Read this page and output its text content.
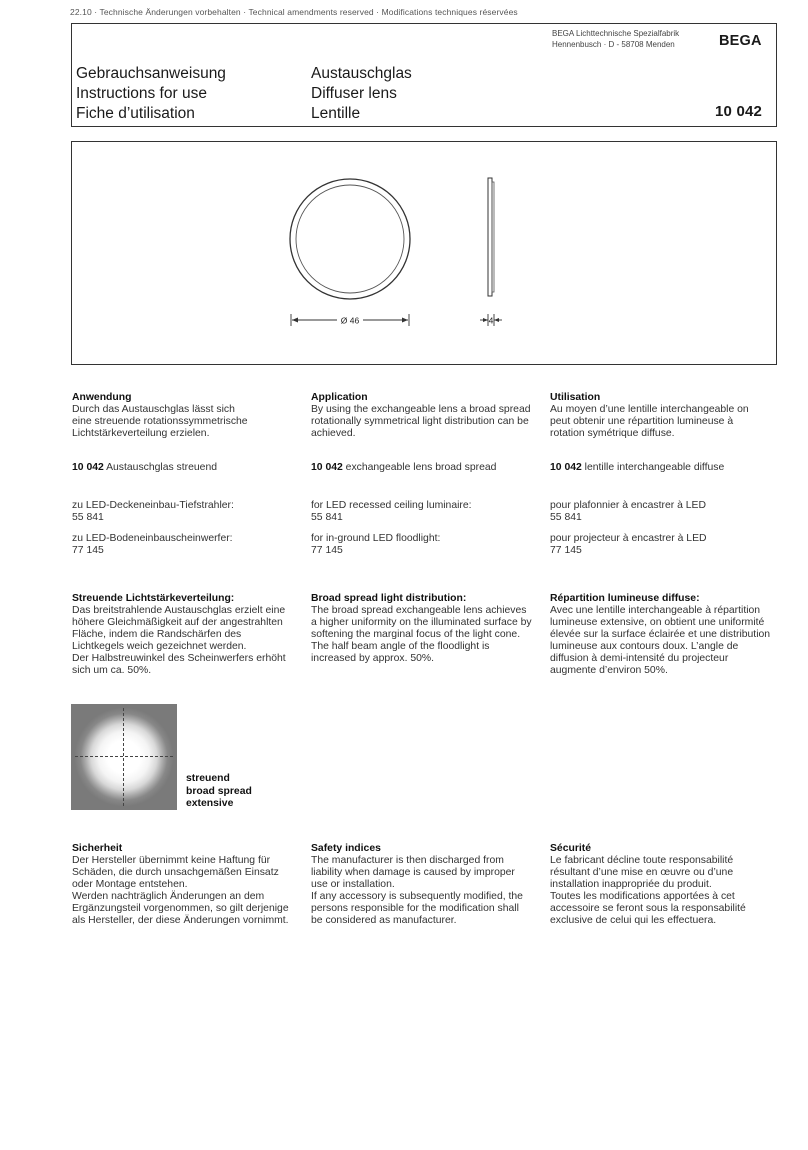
22.10 · Technische Änderungen vorbehalten · Technical amendments reserved · Modifications techniques réservées
BEGA Lichttechnische Spezialfabrik
Hennenbusch · D - 58708 Menden	BEGA
Gebrauchsanweisung
Instructions for use
Fiche d’utilisation
Austauschglas
Diffuser lens
Lentille	10 042
Ø 46	4
Anwendung

Durch das Austauschglas lässt sich
eine streuende rotationssymmetrische
Lichtstärkeverteilung erzielen.

10 042 Austauschglas streuend

zu LED-Deckeneinbau-Tiefstrahler:

55 841

zu LED-Bodeneinbauscheinwerfer:

77 145

Streuende Lichtstärkeverteilung:

Das breitstrahlende Austauschglas erzielt eine
höhere Gleichmäßigkeit auf der angestrahlten
Fläche, indem die Randschärfen des
Lichtkegels weich gezeichnet werden.
Der Halbstreuwinkel des Scheinwerfers erhöht
sich um ca. 50%.

Sicherheit

Der Hersteller übernimmt keine Haftung für
Schäden, die durch unsachgemäßen Einsatz
oder Montage entstehen.
Werden nachträglich Änderungen an dem
Ergänzungsteil vorgenommen, so gilt derjenige
als Hersteller, der diese Änderungen vornimmt.

Application

By using the exchangeable lens a broad spread
rotationally symmetrical light distribution can be
achieved.

10 042 exchangeable lens broad spread

for LED recessed ceiling luminaire:

55 841

for in-ground LED floodlight:

77 145

Broad spread light distribution:

The broad spread exchangeable lens achieves
a higher uniformity on the illuminated surface by
softening the marginal focus of the light cone.
The half beam angle of the floodlight is
increased by approx. 50%.

Safety indices

The manufacturer is then discharged from
liability when damage is caused by improper
use or installation.
If any accessory is subsequently modified, the
persons responsible for the modification shall
be considered as manufacturer.

Utilisation

Au moyen d’une lentille interchangeable on
peut obtenir une répartition lumineuse à
rotation symétrique diffuse.

10 042 lentille interchangeable diffuse

pour plafonnier à encastrer à LED

55 841

pour projecteur à encastrer à LED

77 145

Répartition lumineuse diffuse:

Avec une lentille interchangeable à répartition
lumineuse extensive, on obtient une uniformité
élevée sur la surface éclairée et une distribution
lumineuse aux contours doux. L’angle de
diffusion à demi-intensité du projecteur
augmente d’environ 50%.

Sécurité

Le fabricant décline toute responsabilité
résultant d’une mise en œuvre ou d’une
installation inappropriée du produit.
Toutes les modifications apportées à cet
accessoire se feront sous la responsabilité
exclusive de celui qui les effectuera.

streuend
broad spread
extensive
